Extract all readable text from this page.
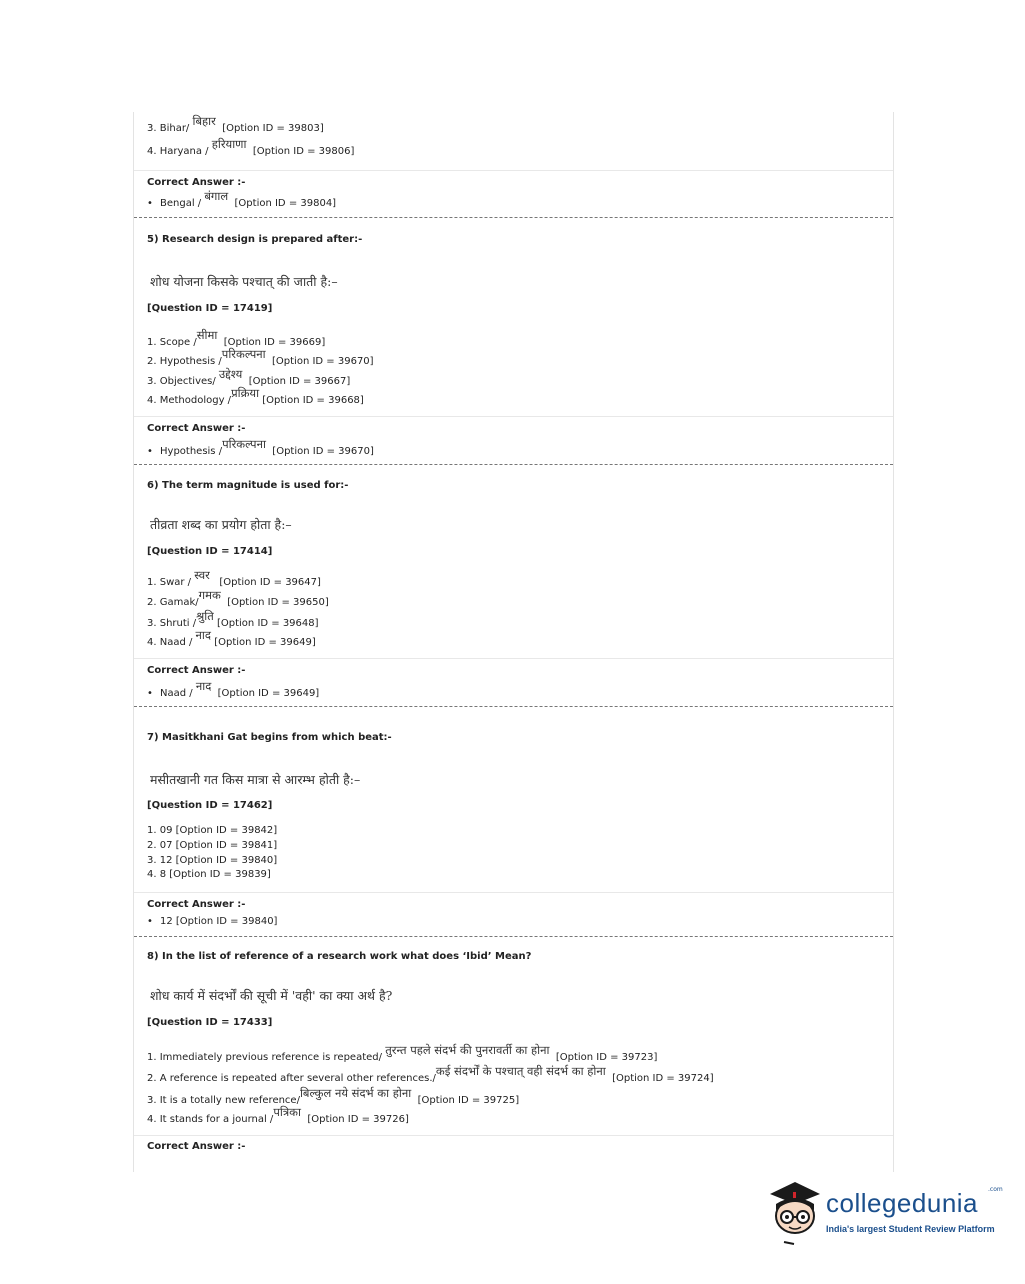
3. Bihar/ बिहार  [Option ID = 39803]
4. Haryana / हरियाणा  [Option ID = 39806]
Correct Answer :-
• Bengal / बंगाल  [Option ID = 39804]
5) Research design is prepared after:-
शोध योजना किसके पश्चात् की जाती है:–
[Question ID = 17419]
1. Scope /सीमा  [Option ID = 39669]
2. Hypothesis /परिकल्पना  [Option ID = 39670]
3. Objectives/ उद्देश्य  [Option ID = 39667]
4. Methodology /प्रक्रिया [Option ID = 39668]
Correct Answer :-
• Hypothesis /परिकल्पना  [Option ID = 39670]
6) The term magnitude is used for:-
तीव्रता शब्द का प्रयोग होता है:–
[Question ID = 17414]
1. Swar / स्वर   [Option ID = 39647]
2. Gamak/गमक  [Option ID = 39650]
3. Shruti /श्रुति [Option ID = 39648]
4. Naad / नाद [Option ID = 39649]
Correct Answer :-
• Naad / नाद  [Option ID = 39649]
7) Masitkhani Gat begins from which beat:-
मसीतखानी गत किस मात्रा से आरम्भ होती है:–
[Question ID = 17462]
1. 09 [Option ID = 39842]
2. 07 [Option ID = 39841]
3. 12 [Option ID = 39840]
4. 8 [Option ID = 39839]
Correct Answer :-
• 12 [Option ID = 39840]
8) In the list of reference of a research work what does ‘Ibid’ Mean?
शोध कार्य में संदर्भों की सूची में 'वही' का क्या अर्थ है?
[Question ID = 17433]
1. Immediately previous reference is repeated/ तुरन्त पहले संदर्भ की पुनरावर्ती का होना  [Option ID = 39723]
2. A reference is repeated after several other references./कई संदर्भों के पश्चात् वही संदर्भ का होना  [Option ID = 39724]
3. It is a totally new reference/बिल्कुल नये संदर्भ का होना  [Option ID = 39725]
4. It stands for a journal /पत्रिका  [Option ID = 39726]
Correct Answer :-
collegedunia .com
India's largest Student Review Platform
